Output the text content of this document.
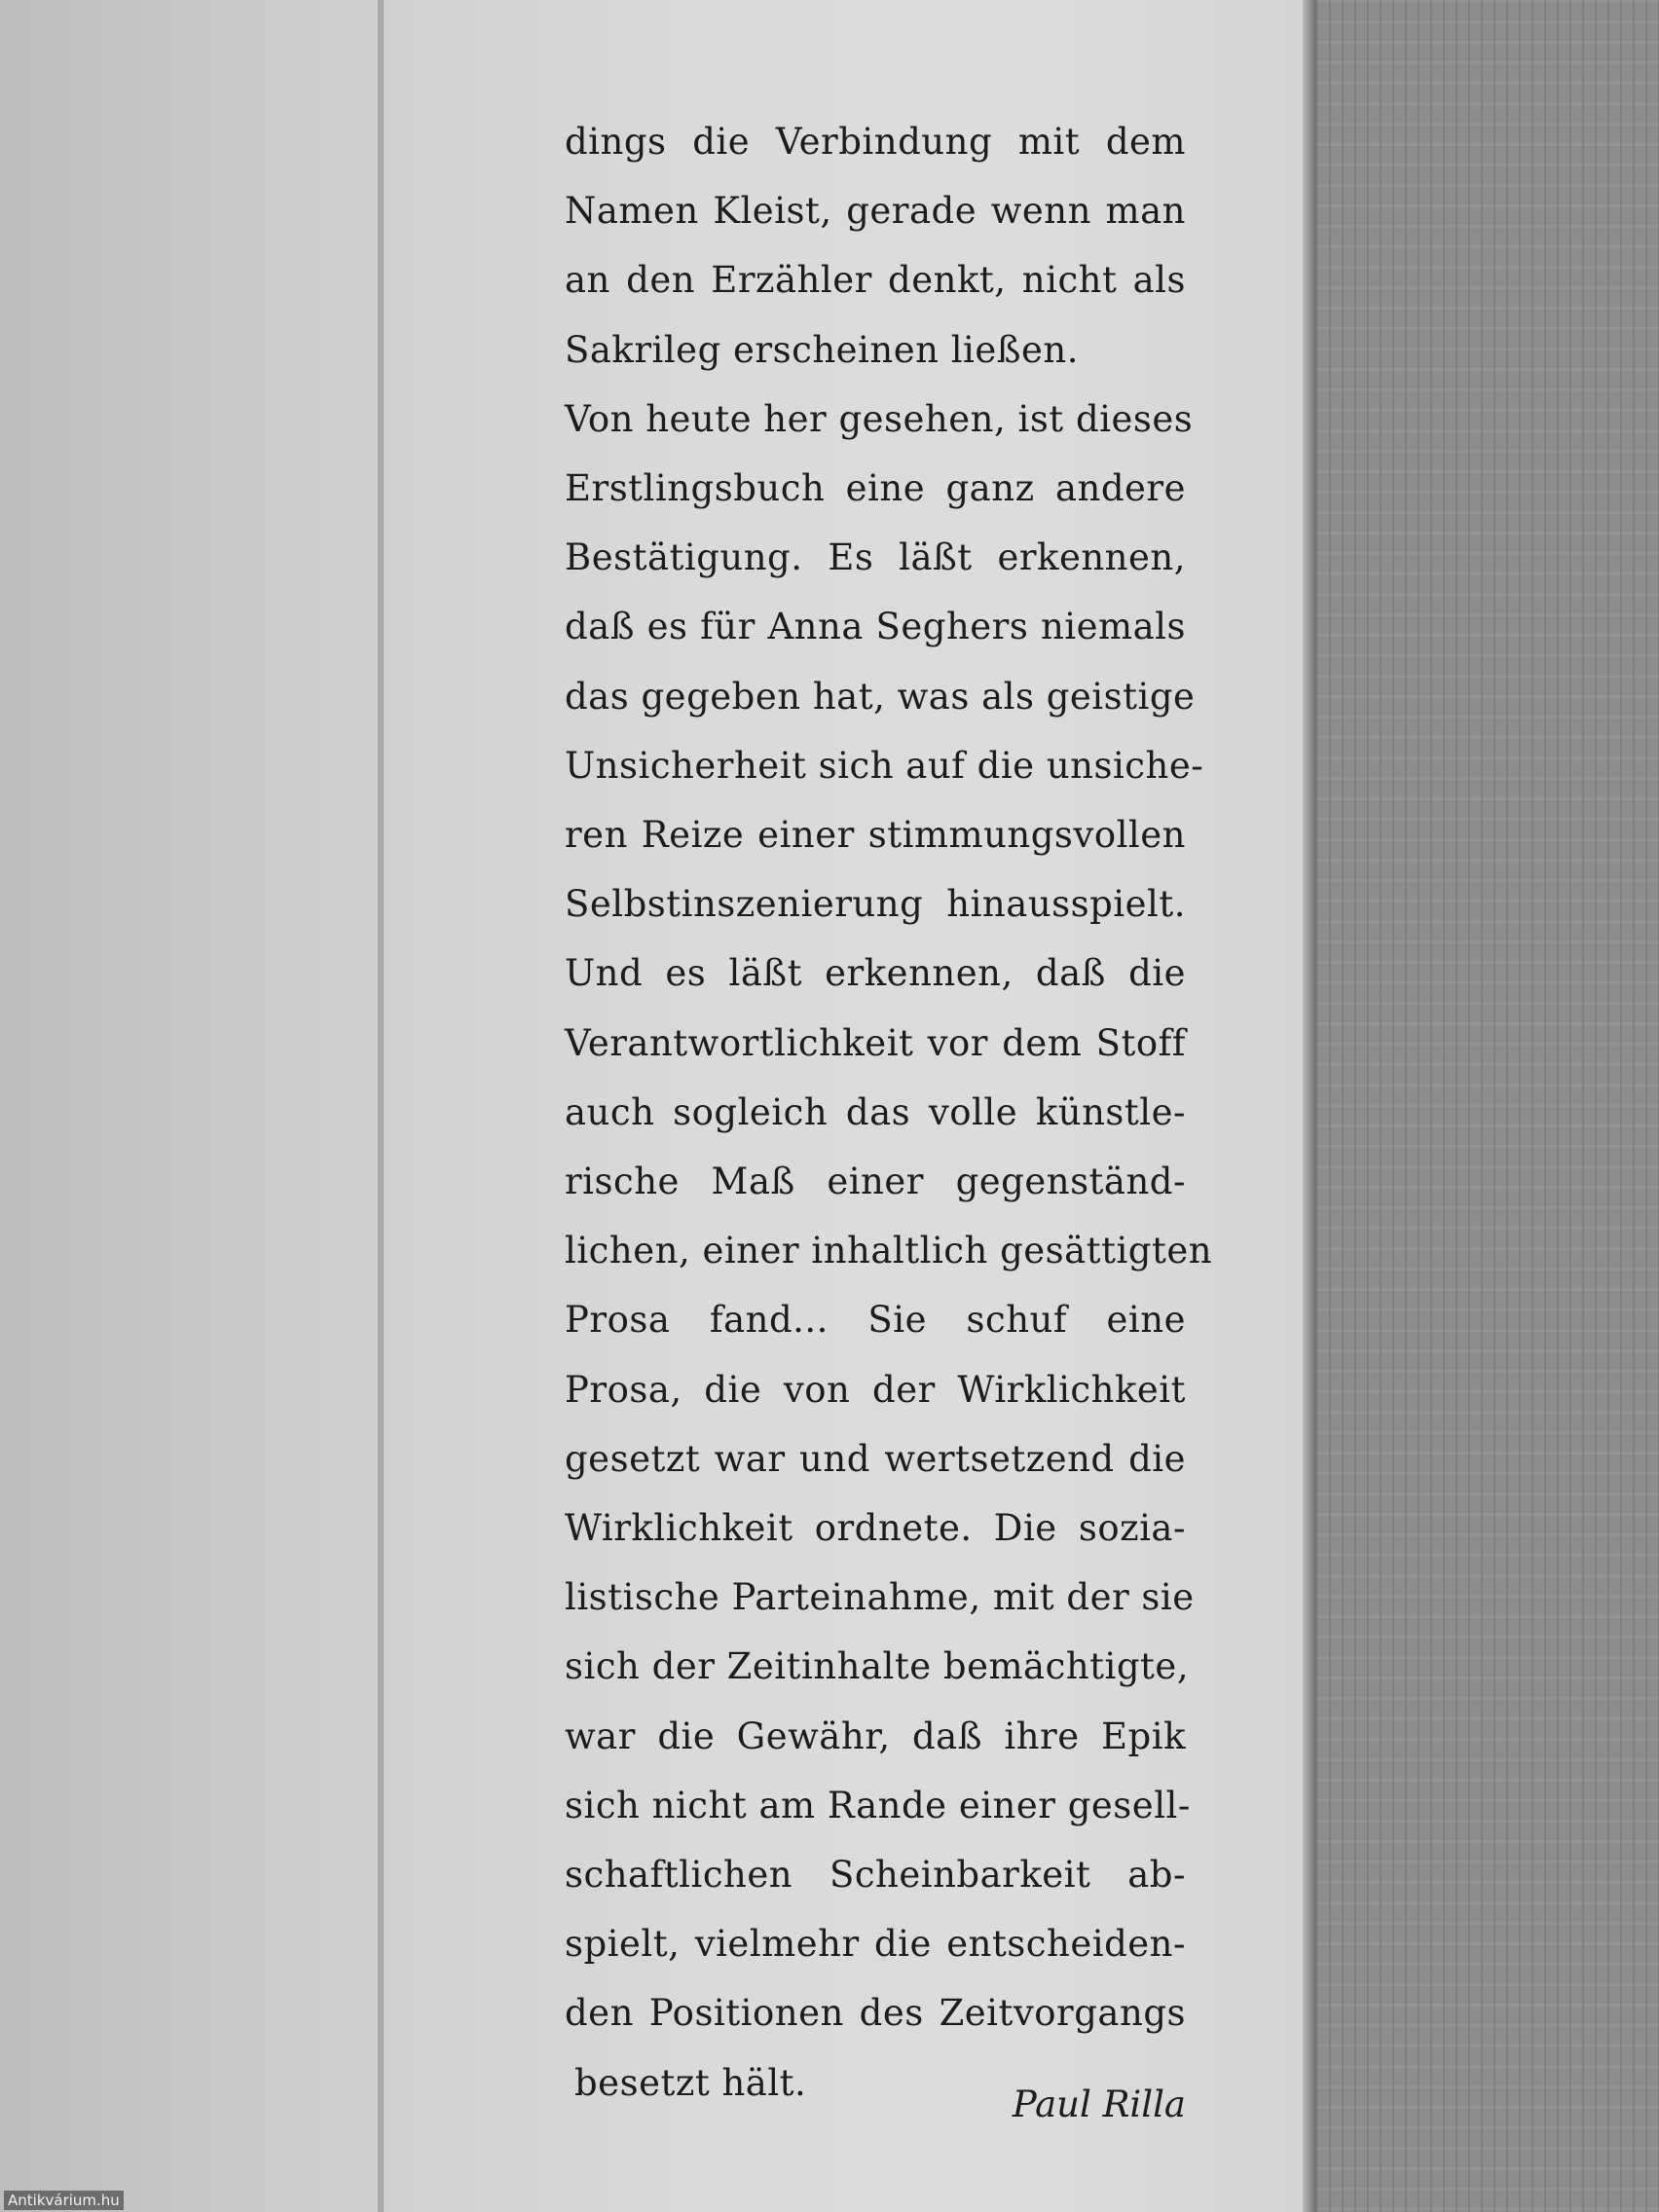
dings die Verbindung mit dem
Namen Kleist, gerade wenn man
an den Erzähler denkt, nicht als
Sakrileg erscheinen ließen.
Von heute her gesehen, ist dieses
Erstlingsbuch eine ganz andere
Bestätigung. Es läßt erkennen,
daß es für Anna Seghers niemals
das gegeben hat, was als geistige
Unsicherheit sich auf die unsiche-
ren Reize einer stimmungsvollen
Selbstinszenierung hinausspielt.
Und es läßt erkennen, daß die
Verantwortlichkeit vor dem Stoff
auch sogleich das volle künstle-
rische Maß einer gegenständ-
lichen, einer inhaltlich gesättigten
Prosa fand... Sie schuf eine
Prosa, die von der Wirklichkeit
gesetzt war und wertsetzend die
Wirklichkeit ordnete. Die sozia-
listische Parteinahme, mit der sie
sich der Zeitinhalte bemächtigte,
war die Gewähr, daß ihre Epik
sich nicht am Rande einer gesell-
schaftlichen Scheinbarkeit ab-
spielt, vielmehr die entscheiden-
den Positionen des Zeitvorgangs
besetzt hält.
Paul Rilla
Antikvárium.hu
